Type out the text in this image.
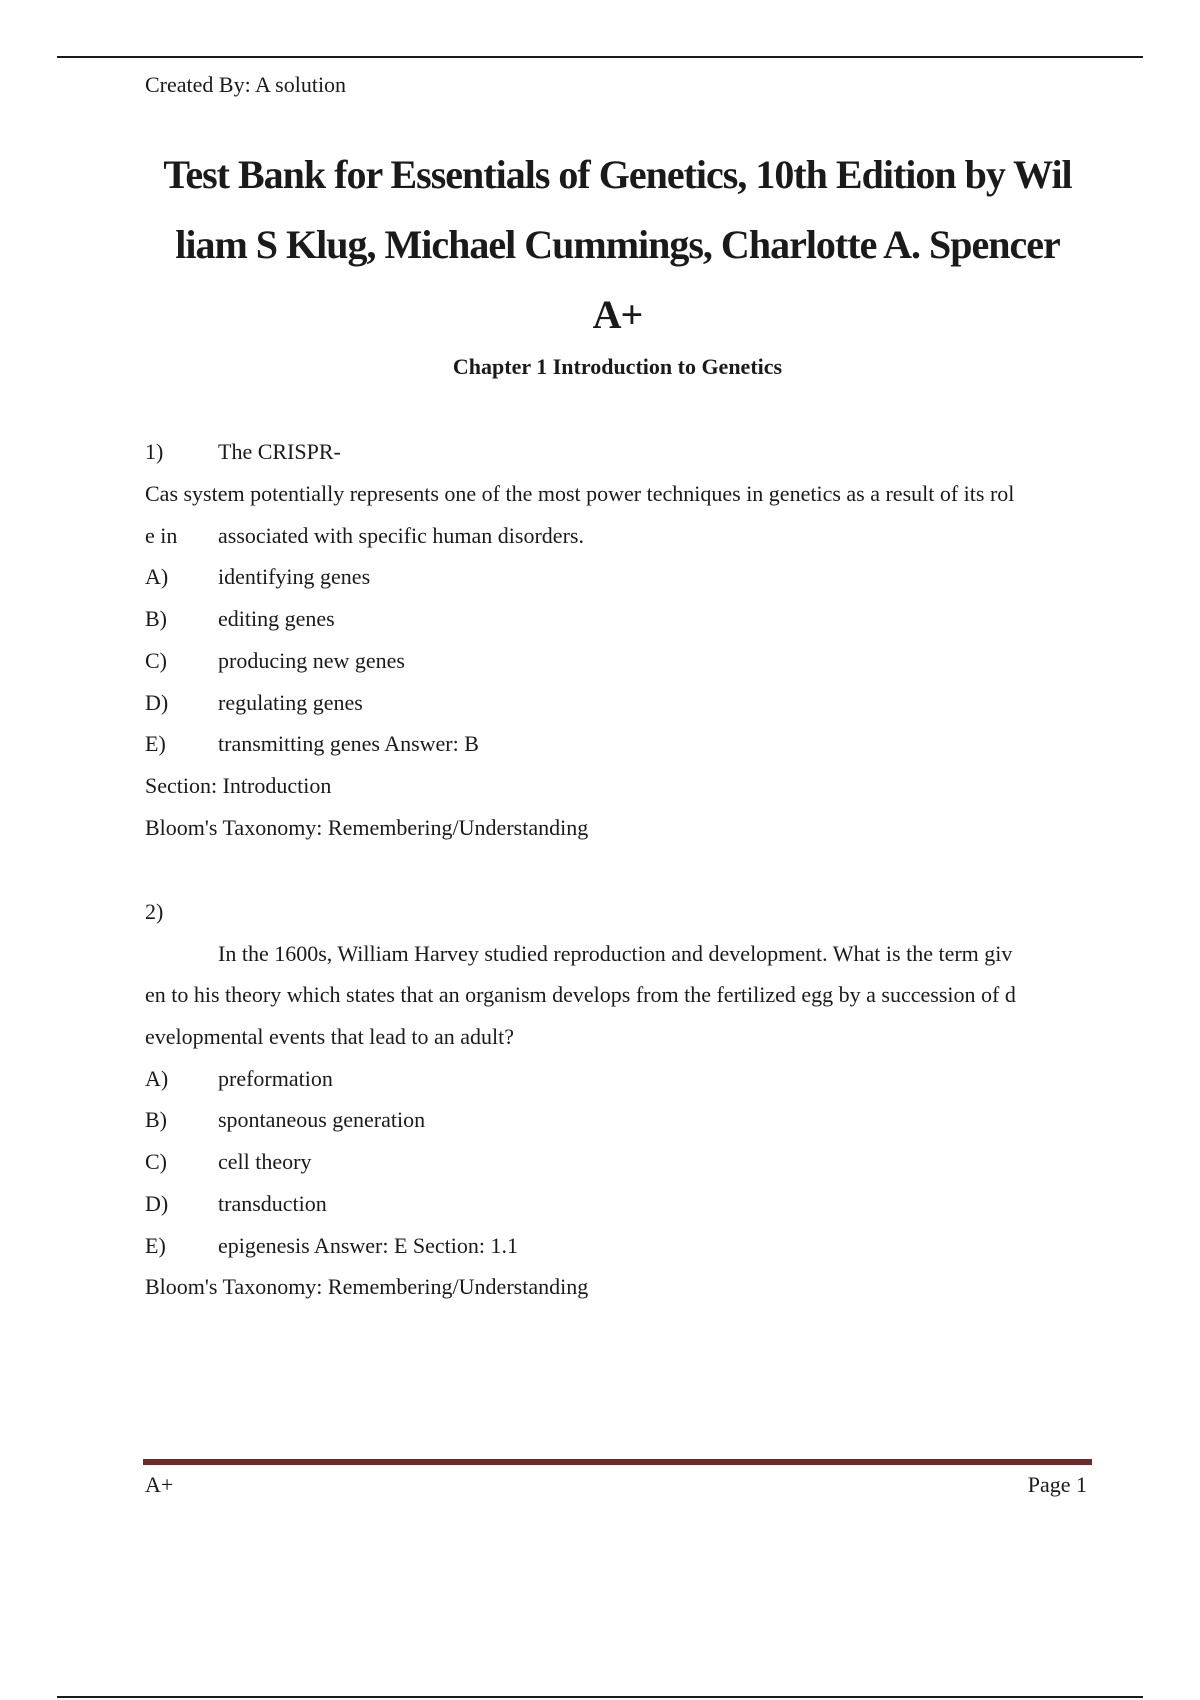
Created By: A solution
Test Bank for Essentials of Genetics, 10th Edition by Wil
liam S Klug, Michael Cummings, Charlotte A. Spencer
A+
Chapter 1 Introduction to Genetics
1) The CRISPR-
Cas system potentially represents one of the most power techniques in genetics as a result of its rol
e in associated with specific human disorders.
A) identifying genes
B) editing genes
C) producing new genes
D) regulating genes
E) transmitting genes Answer: B
Section: Introduction
Bloom's Taxonomy: Remembering/Understanding
2)
In the 1600s, William Harvey studied reproduction and development. What is the term giv
en to his theory which states that an organism develops from the fertilized egg by a succession of d
evelopmental events that lead to an adult?
A) preformation
B) spontaneous generation
C) cell theory
D) transduction
E) epigenesis Answer: E Section: 1.1
Bloom's Taxonomy: Remembering/Understanding
A+	Page 1
